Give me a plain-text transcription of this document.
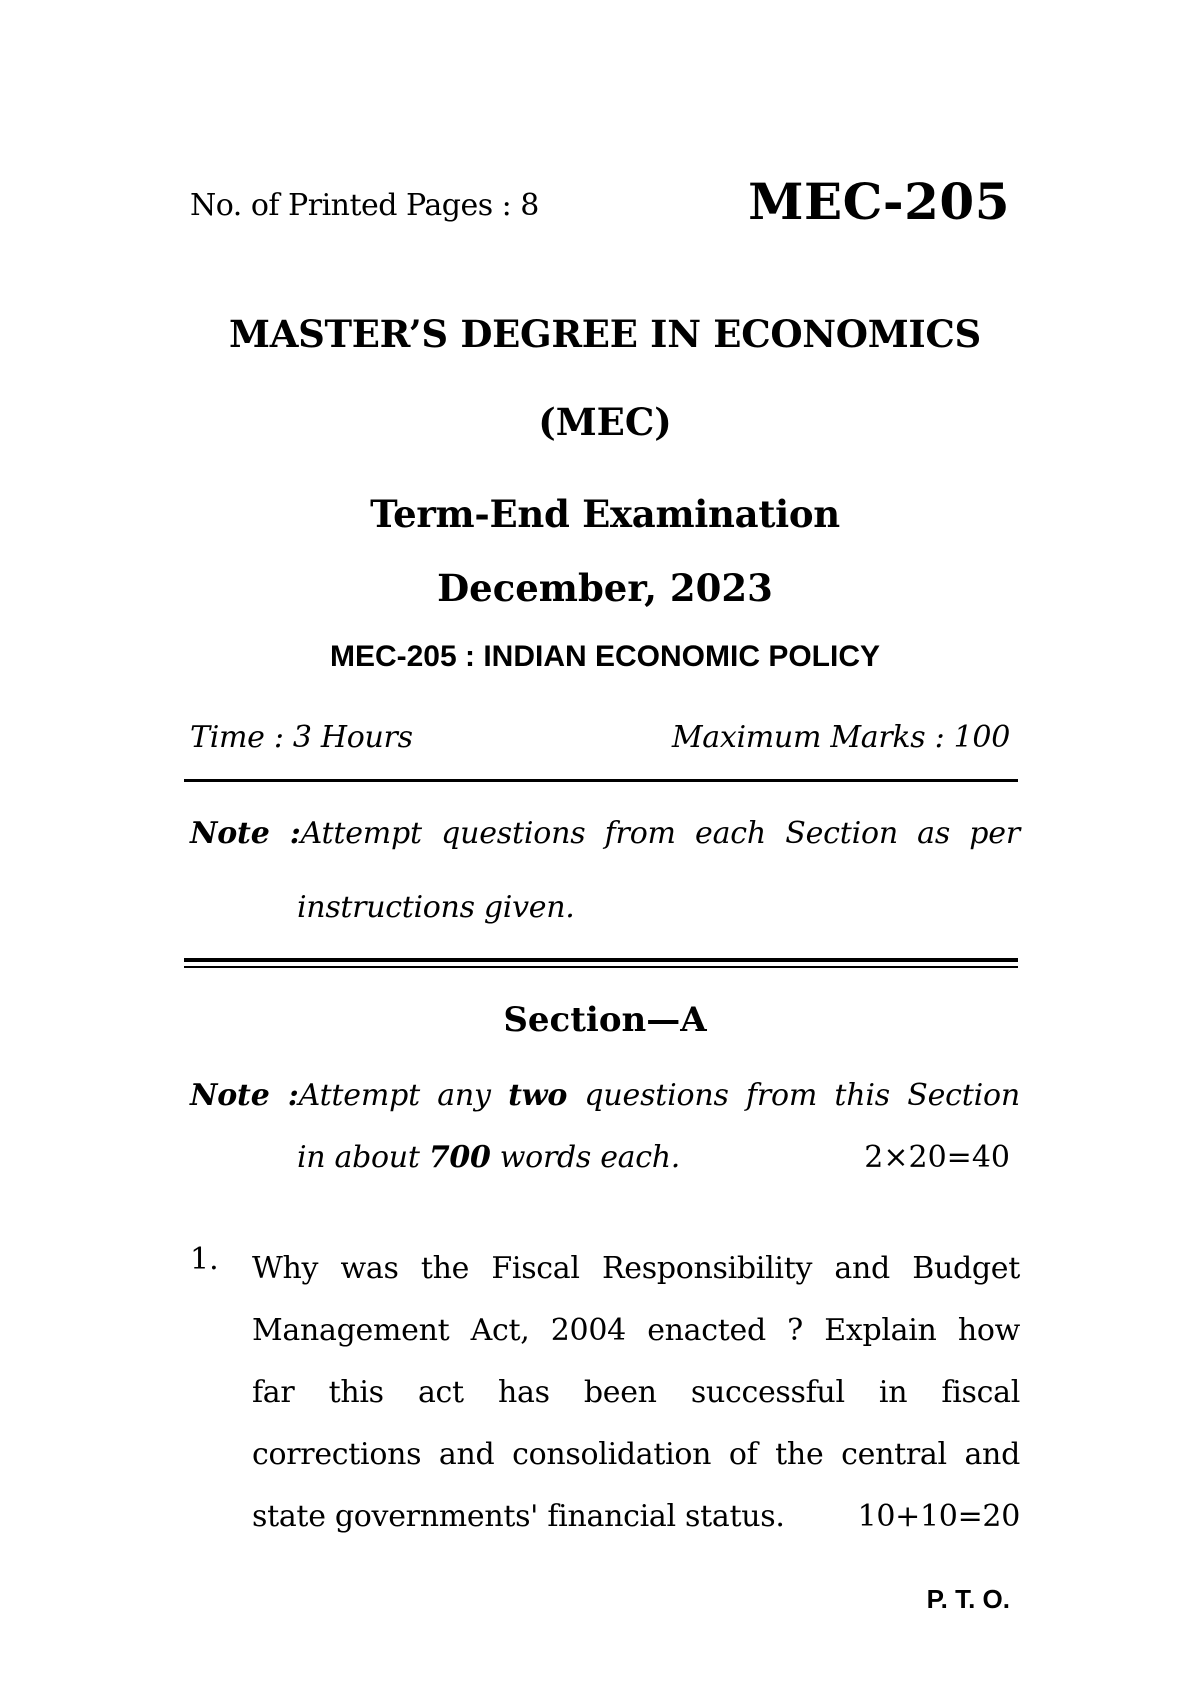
No. of Printed Pages : 8	MEC-205
MASTER’S DEGREE IN ECONOMICS
(MEC)
Term-End Examination
December, 2023
MEC-205 : INDIAN ECONOMIC POLICY
Time : 3 Hours	Maximum Marks : 100
Note :Attempt questions from each Section as per
instructions given.
Section—A
Note :Attempt any two questions from this Section
in about 700 words each.	2×20=40
1. Why was the Fiscal Responsibility and Budget
Management Act, 2004 enacted ? Explain how
far this act has been successful in fiscal
corrections and consolidation of the central and
state governments' financial status. 10+10=20
P. T. O.
